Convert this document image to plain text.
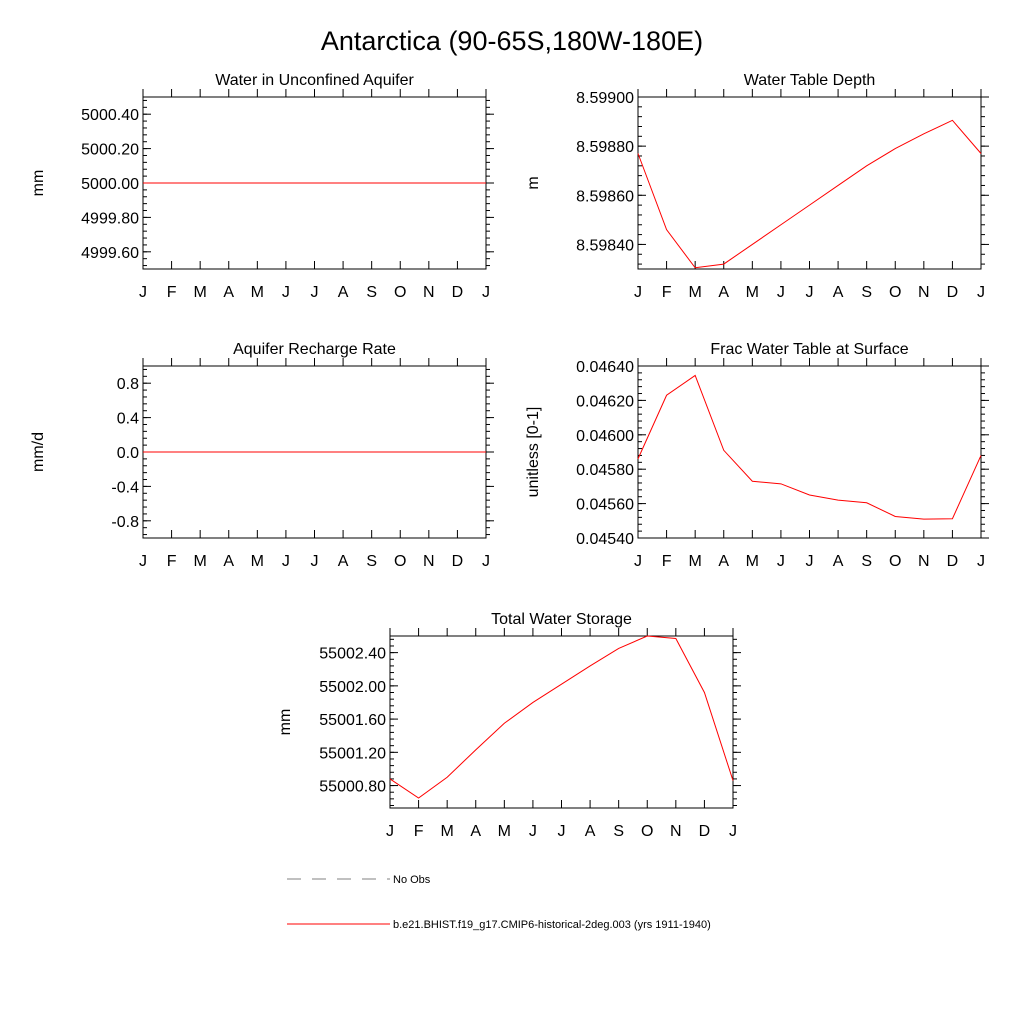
Antarctica (90-65S,180W-180E)
Water in Unconfined Aquifer
mm
J F M A M J J A S O N D J
4999.60
4999.80
5000.00
5000.20
5000.40
Water Table Depth
m
J F M A M J J A S O N D J
8.59840
8.59860
8.59880
8.59900
Aquifer Recharge Rate
mm/d
J F M A M J J A S O N D J
-0.8
-0.4
0.0
0.4
0.8
Frac Water Table at Surface
unitless [0-1]
J F M A M J J A S O N D J
0.04540
0.04560
0.04580
0.04600
0.04620
0.04640
Total Water Storage
mm
J F M A M J J A S O N D J
55000.80
55001.20
55001.60
55002.00
55002.40
No Obs
b.e21.BHIST.f19_g17.CMIP6-historical-2deg.003 (yrs 1911-1940)
